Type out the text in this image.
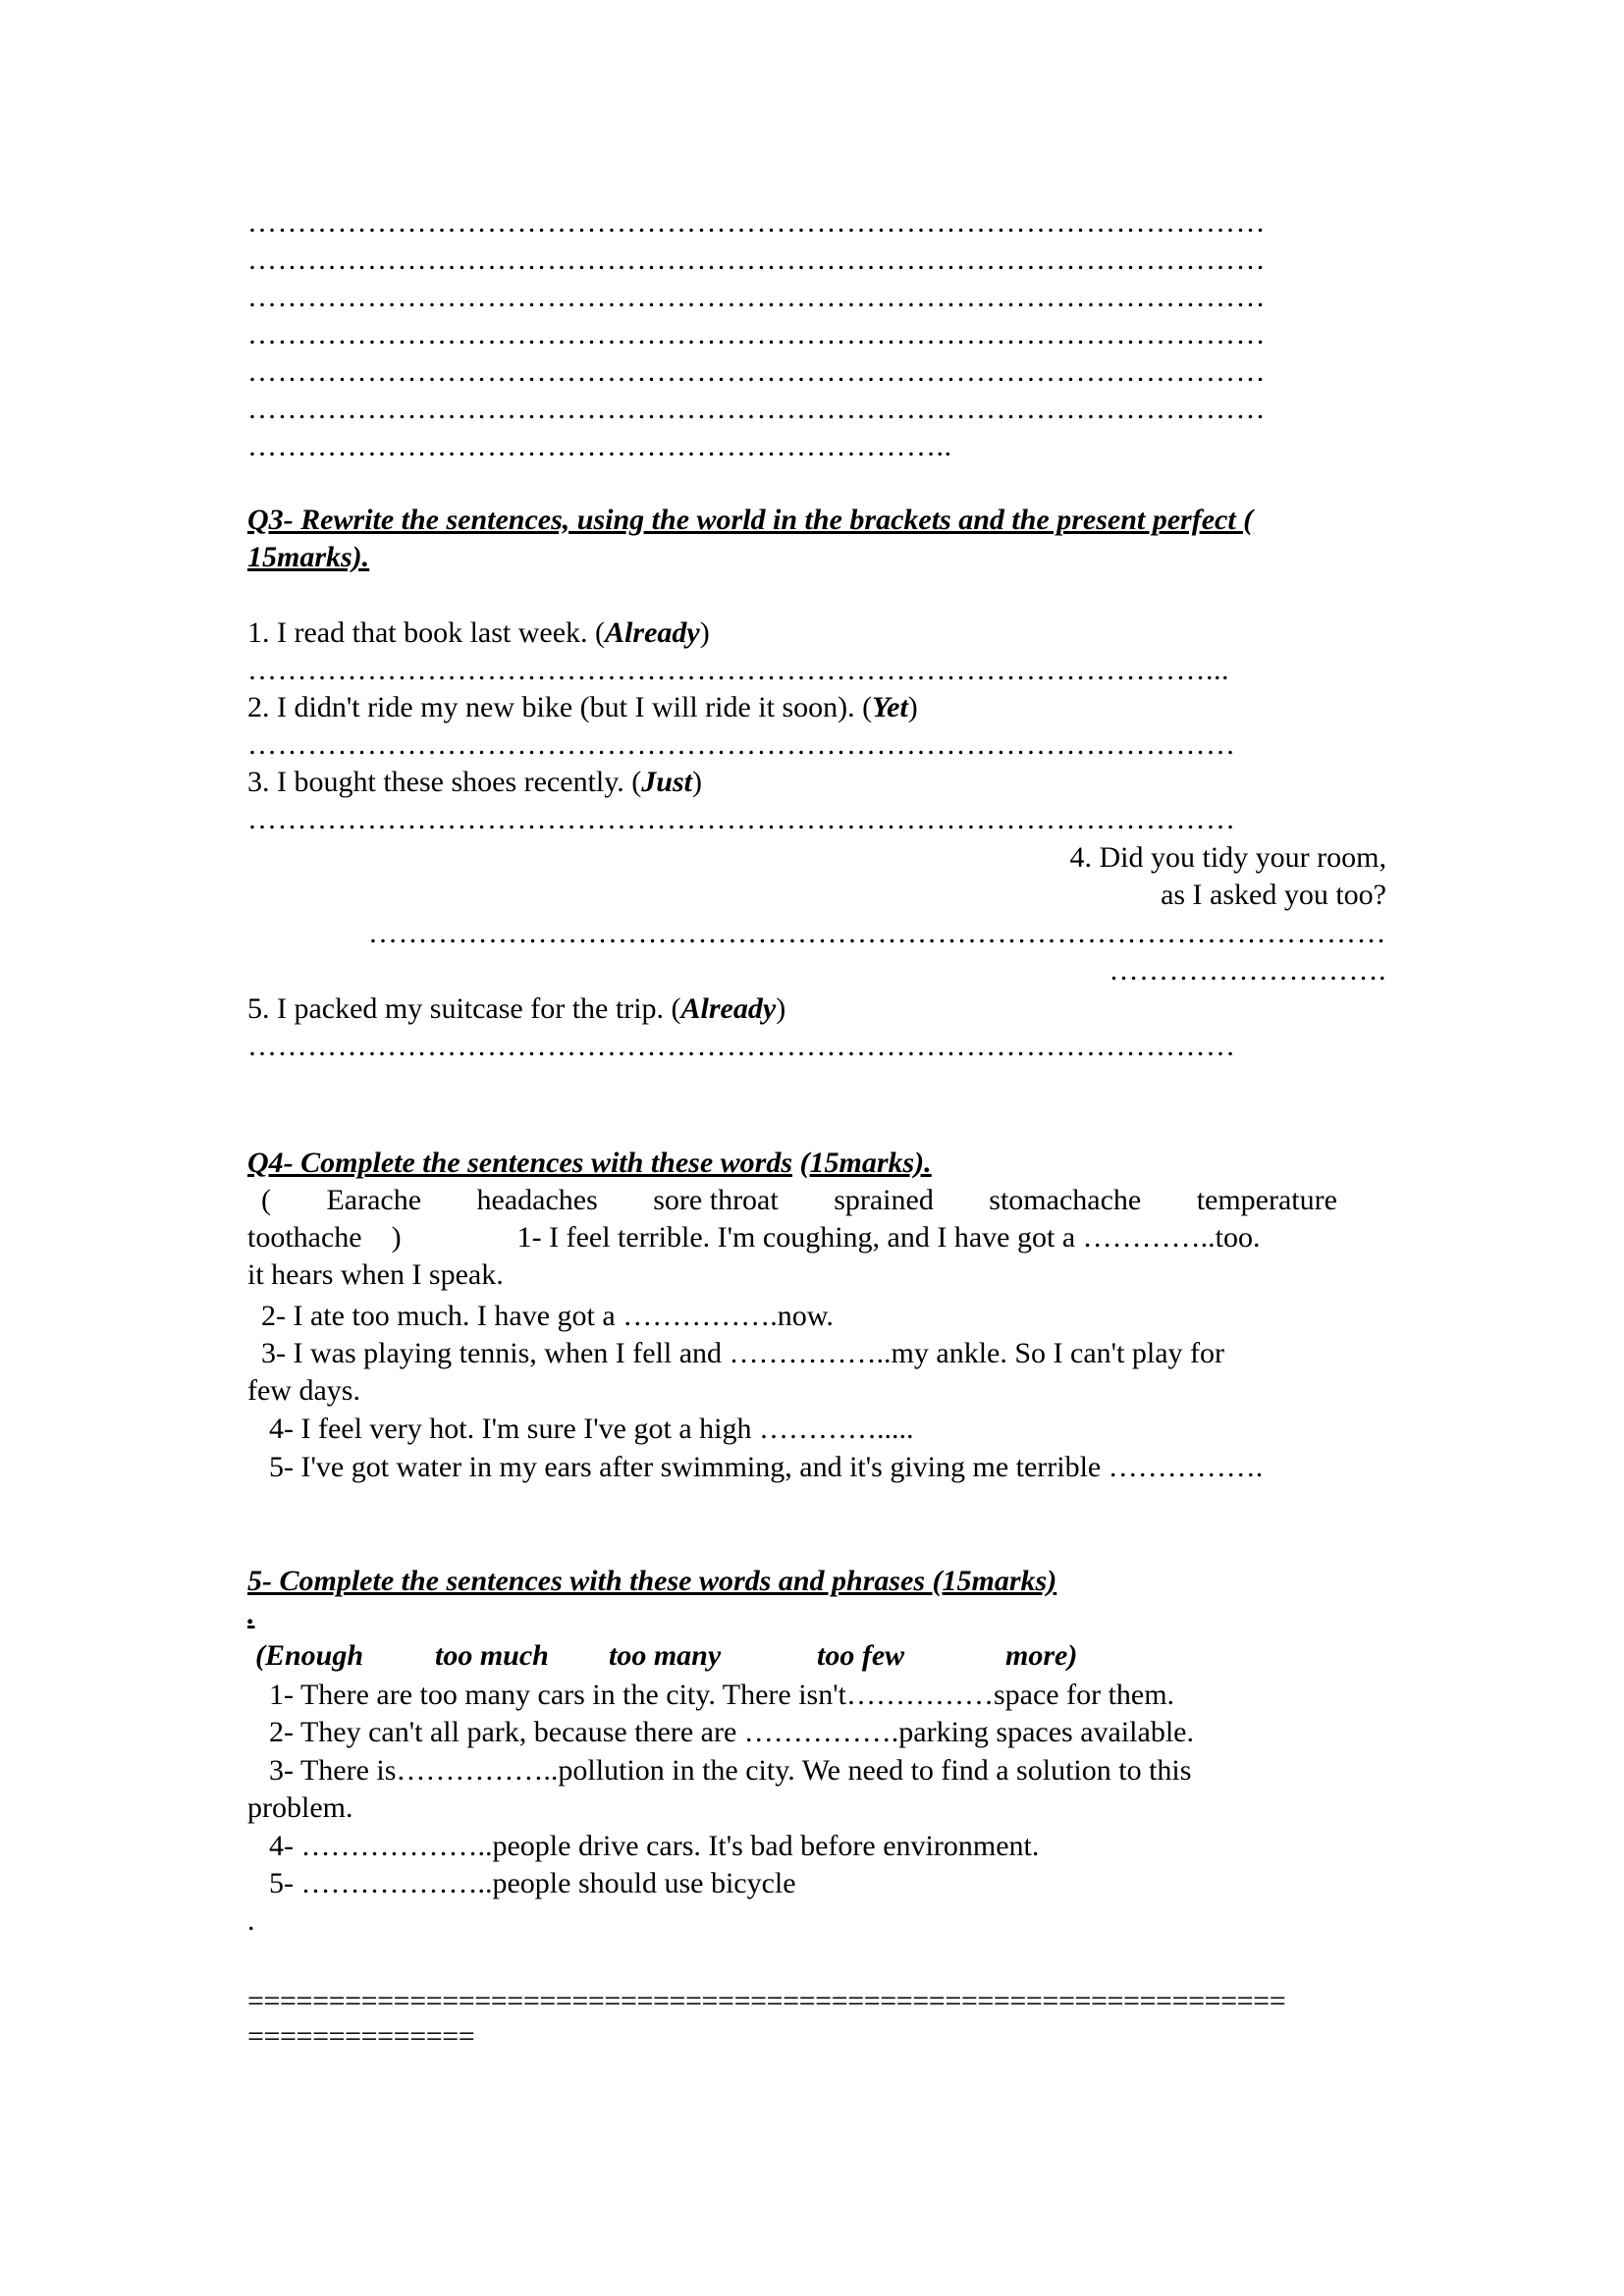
…………………………………………………………………………………………

…………………………………………………………………………………………

…………………………………………………………………………………………

…………………………………………………………………………………………

…………………………………………………………………………………………

…………………………………………………………………………………………

……………………………………………………………..

Q3- Rewrite the sentences, using the world in the brackets and the present perfect (

15marks).

1. I read that book last week. (Already)

……………………………………………………………………………………...

2. I didn't ride my new bike (but I will ride it soon). (Yet)

………………………………………………………………………………………

3. I bought these shoes recently. (Just)

………………………………………………………………………………………

4. Did you tidy your room,

as I asked you too?

…………………………………………………………………………………………

……………………….

5. I packed my suitcase for the trip. (Already)

………………………………………………………………………………………

Q4- Complete the sentences with these words (15marks).

( Earache headaches sore throat sprained stomachache temperature

toothache    )	1- I feel terrible. I'm coughing, and I have got a …………..too.

it hears when I speak.

2- I ate too much. I have got a …………….now.

3- I was playing tennis, when I fell and ……………..my ankle. So I can't play for

few days.

4- I feel very hot. I'm sure I've got a high ………….....

5- I've got water in my ears after swimming, and it's giving me terrible …………….

5- Complete the sentences with these words and phrases (15marks)

.

(Enough	too much	too many	too few	more)

1- There are too many cars in the city. There isn't……………space for them.

2- They can't all park, because there are …………….parking spaces available.

3- There is……………..pollution in the city. We need to find a solution to this

problem.

4- ………………..people drive cars. It's bad before environment.

5- ………………..people should use bicycle

.

================================================================

==============
